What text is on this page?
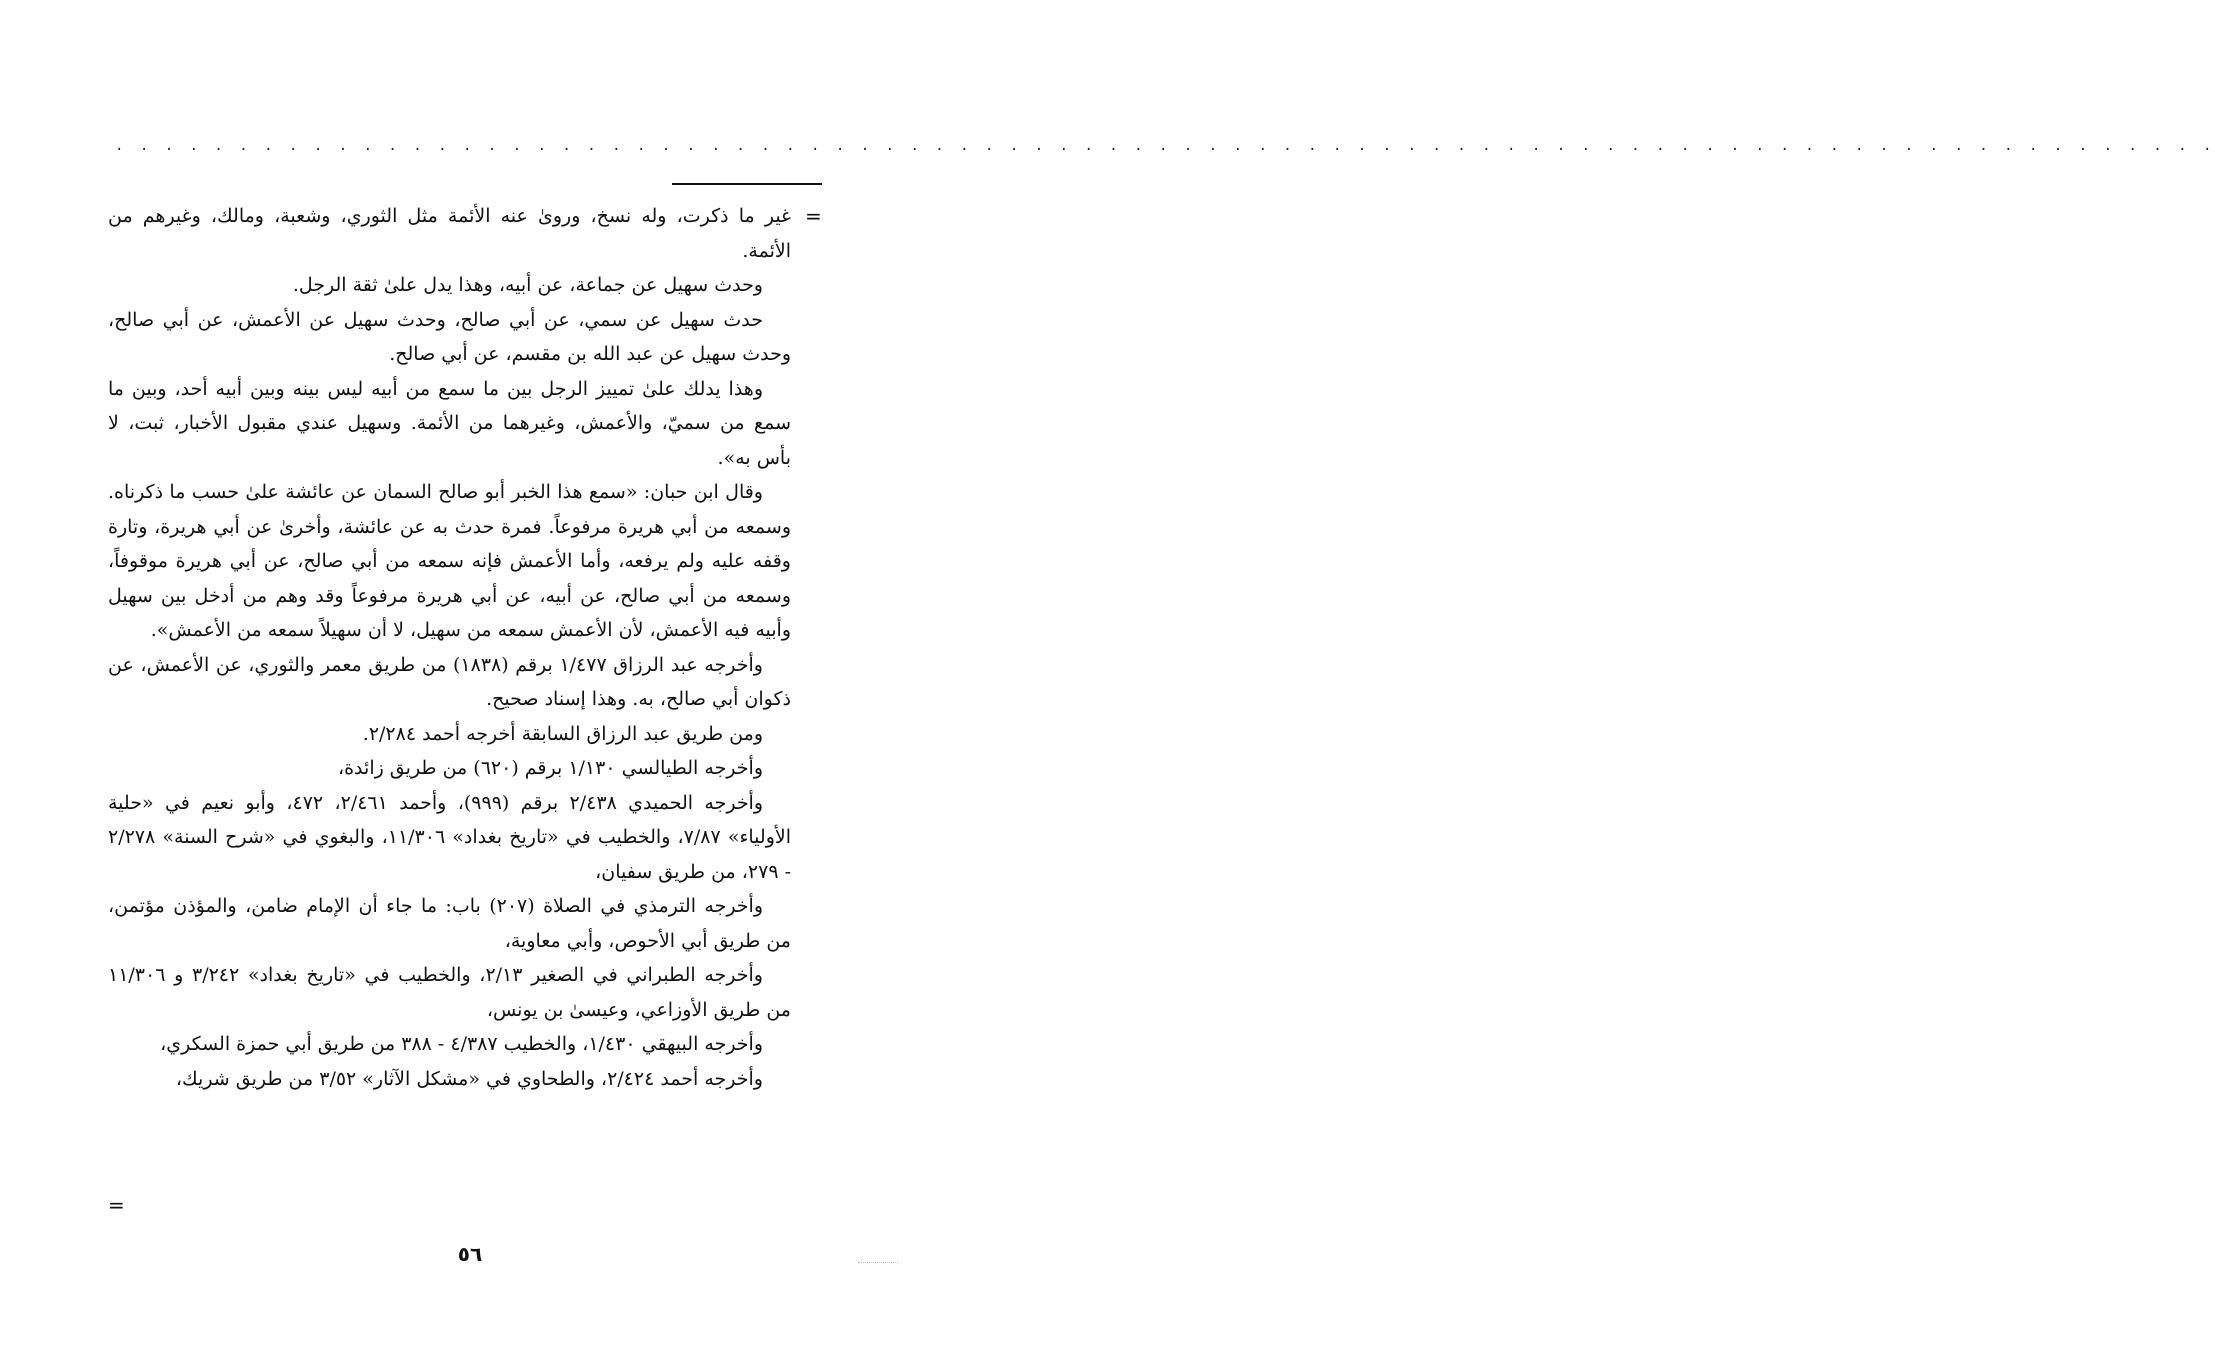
. . . . . . . . . . . . . . . . . . . . . . . . . . . . . . . . . . . . . . . . . . . . . . . . . . . . . . . . . . . . . . . . . . . . . . . . . . . . . . . . . . . . .
=

غير ما ذكرت، وله نسخ، وروىٰ عنه الأئمة مثل الثوري، وشعبة، ومالك، وغيرهم من الأئمة.

وحدث سهيل عن جماعة، عن أبيه، وهذا يدل علىٰ ثقة الرجل.

حدث سهيل عن سمي، عن أبي صالح، وحدث سهيل عن الأعمش، عن أبي صالح، وحدث سهيل عن عبد الله بن مقسم، عن أبي صالح.

وهذا يدلك علىٰ تمييز الرجل بين ما سمع من أبيه ليس بينه وبين أبيه أحد، وبين ما سمع من سميّ، والأعمش، وغيرهما من الأئمة. وسهيل عندي مقبول الأخبار، ثبت، لا بأس به».

وقال ابن حبان: «سمع هذا الخبر أبو صالح السمان عن عائشة علىٰ حسب ما ذكرناه. وسمعه من أبي هريرة مرفوعاً. فمرة حدث به عن عائشة، وأخرىٰ عن أبي هريرة، وتارة وقفه عليه ولم يرفعه، وأما الأعمش فإنه سمعه من أبي صالح، عن أبي هريرة موقوفاً، وسمعه من أبي صالح، عن أبيه، عن أبي هريرة مرفوعاً وقد وهم من أدخل بين سهيل وأبيه فيه الأعمش، لأن الأعمش سمعه من سهيل، لا أن سهيلاً سمعه من الأعمش».

وأخرجه عبد الرزاق ١/٤٧٧ برقم (١٨٣٨) من طريق معمر والثوري، عن الأعمش، عن ذكوان أبي صالح، به. وهذا إسناد صحيح.

ومن طريق عبد الرزاق السابقة أخرجه أحمد ٢/٢٨٤.

وأخرجه الطيالسي ١/١٣٠ برقم (٦٢٠) من طريق زائدة،

وأخرجه الحميدي ٢/٤٣٨ برقم (٩٩٩)، وأحمد ٢/٤٦١، ٤٧٢، وأبو نعيم في «حلية الأولياء» ٧/٨٧، والخطيب في «تاريخ بغداد» ١١/٣٠٦، والبغوي في «شرح السنة» ٢/٢٧٨ - ٢٧٩، من طريق سفيان،

وأخرجه الترمذي في الصلاة (٢٠٧) باب: ما جاء أن الإمام ضامن، والمؤذن مؤتمن، من طريق أبي الأحوص، وأبي معاوية،

وأخرجه الطبراني في الصغير ٢/١٣، والخطيب في «تاريخ بغداد» ٣/٢٤٢ و ١١/٣٠٦ من طريق الأوزاعي، وعيسىٰ بن يونس،

وأخرجه البيهقي ١/٤٣٠، والخطيب ٤/٣٨٧ - ٣٨٨ من طريق أبي حمزة السكري،

وأخرجه أحمد ٢/٤٢٤، والطحاوي في «مشكل الآثار» ٣/٥٢ من طريق شريك،

=
٥٦
